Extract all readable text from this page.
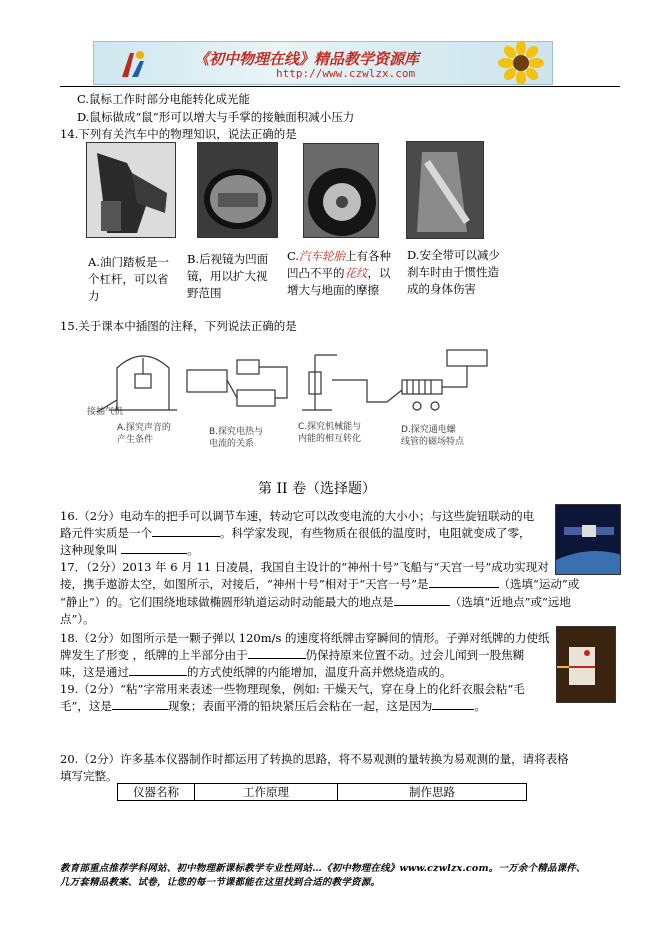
《初中物理在线》精品教学资源库
http://www.czwlzx.com
C.鼠标工作时部分电能转化成光能
D.鼠标做成“鼠”形可以增大与手掌的接触面积减小压力
14.下列有关汽车中的物理知识，说法正确的是
A.油门踏板是一
个杠杆，可以省
力
B.后视镜为凹面
镜，用以扩大视
野范围
C.汽车轮胎上有各种
凹凸不平的花纹，以
增大与地面的摩擦
D.安全带可以减少
刹车时由于惯性造
成的身体伤害
15.关于课本中插图的注释，下列说法正确的是
接抽气机
A.探究声音的
产生条件
B.探究电热与
电流的关系
C.探究机械能与
内能的相互转化
D.探究通电螺
线管的磁场特点
第 II 卷（选择题）
16.（2分）电动车的把手可以调节车速，转动它可以改变电流的大小小；与这些旋钮联动的电
路元件实质是一个	。科学家发现，有些物质在很低的温度时，电阻就变成了零，
这种现象叫	。
17．（2分）2013 年 6 月 11 日凌晨，我国自主设计的“神州十号”飞船与“天宫一号”成功实现对
接，携手遨游太空，如图所示，对接后，“神州十号”相对于“天宫一号”是	（选填“运动”或
“静止”）的。它们围绕地球做椭圆形轨道运动时动能最大的地点是	（选填“近地点”或“远地
点”）。
18.（2分）如图所示是一颗子弹以 120m/s 的速度将纸牌击穿瞬间的情形。子弹对纸牌的力使纸
牌发生了形变 ，纸牌的上半部分由于	仍保持原来位置不动。过会儿闻到一股焦糊
味，这是通过	的方式使纸牌的内能增加，温度升高并燃烧造成的。
19.（2分）“粘”字常用来表述一些物理现象，例如: 干燥天气，穿在身上的化纤衣服会粘“毛
毛”，这是	现象；表面平滑的铅块紧压后会粘在一起，这是因为	。
20.（2分）许多基本仪器制作时都运用了转换的思路，将不易观测的量转换为易观测的量，请将表格
填写完整。
仪器名称	工作原理	制作思路
教育部重点推荐学科网站、初中物理新课标教学专业性网站…《初中物理在线》www.czwlzx.com。一万余个精品课件、
几万套精品教案、试卷，让您的每一节课都能在这里找到合适的教学资源。
